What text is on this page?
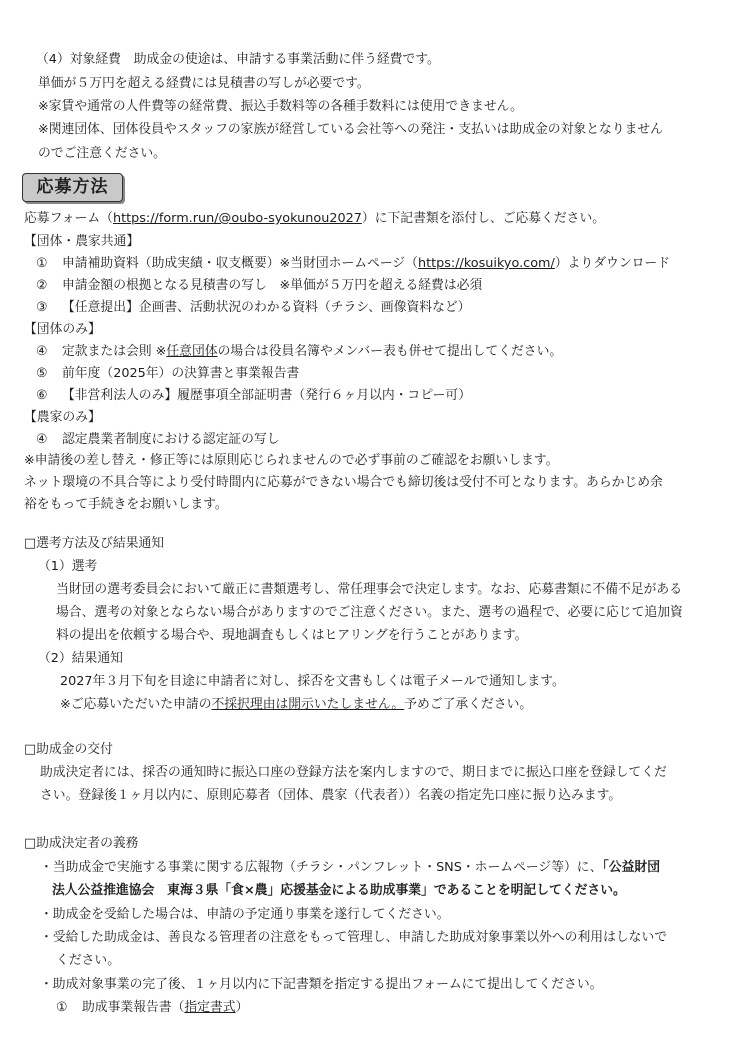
（4）対象経費　助成金の使途は、申請する事業活動に伴う経費です。
単価が５万円を超える経費には見積書の写しが必要です。
※家賃や通常の人件費等の経常費、振込手数料等の各種手数料には使用できません。
※関連団体、団体役員やスタッフの家族が経営している会社等への発注・支払いは助成金の対象となりません
のでご注意ください。
応募方法
応募フォーム（https://form.run/@oubo-syokunou2027）に下記書類を添付し、ご応募ください。
【団体・農家共通】
① 申請補助資料（助成実績・収支概要）※当財団ホームページ（https://kosuikyo.com/）よりダウンロード
② 申請金額の根拠となる見積書の写し　※単価が５万円を超える経費は必須
③ 【任意提出】企画書、活動状況のわかる資料（チラシ、画像資料など）
【団体のみ】
④ 定款または会則 ※任意団体の場合は役員名簿やメンバー表も併せて提出してください。
⑤ 前年度（2025年）の決算書と事業報告書
⑥ 【非営利法人のみ】履歴事項全部証明書（発行６ヶ月以内・コピー可）
【農家のみ】
④ 認定農業者制度における認定証の写し
※申請後の差し替え・修正等には原則応じられませんので必ず事前のご確認をお願いします。
ネット環境の不具合等により受付時間内に応募ができない場合でも締切後は受付不可となります。あらかじめ余
裕をもって手続きをお願いします。
□選考方法及び結果通知
（1）選考
当財団の選考委員会において厳正に書類選考し、常任理事会で決定します。なお、応募書類に不備不足がある
場合、選考の対象とならない場合がありますのでご注意ください。また、選考の過程で、必要に応じて追加資
料の提出を依頼する場合や、現地調査もしくはヒアリングを行うことがあります。
（2）結果通知
2027年３月下旬を目途に申請者に対し、採否を文書もしくは電子メールで通知します。
※ご応募いただいた申請の不採択理由は開示いたしません。予めご了承ください。
□助成金の交付
助成決定者には、採否の通知時に振込口座の登録方法を案内しますので、期日までに振込口座を登録してくだ
さい。登録後１ヶ月以内に、原則応募者（団体、農家（代表者））名義の指定先口座に振り込みます。
□助成決定者の義務
・当助成金で実施する事業に関する広報物（チラシ・パンフレット・SNS・ホームページ等）に、「公益財団
法人公益推進協会　東海３県「食×農」応援基金による助成事業」であることを明記してください。
・助成金を受給した場合は、申請の予定通り事業を遂行してください。
・受給した助成金は、善良なる管理者の注意をもって管理し、申請した助成対象事業以外への利用はしないで
ください。
・助成対象事業の完了後、１ヶ月以内に下記書類を指定する提出フォームにて提出してください。
① 助成事業報告書（指定書式）
